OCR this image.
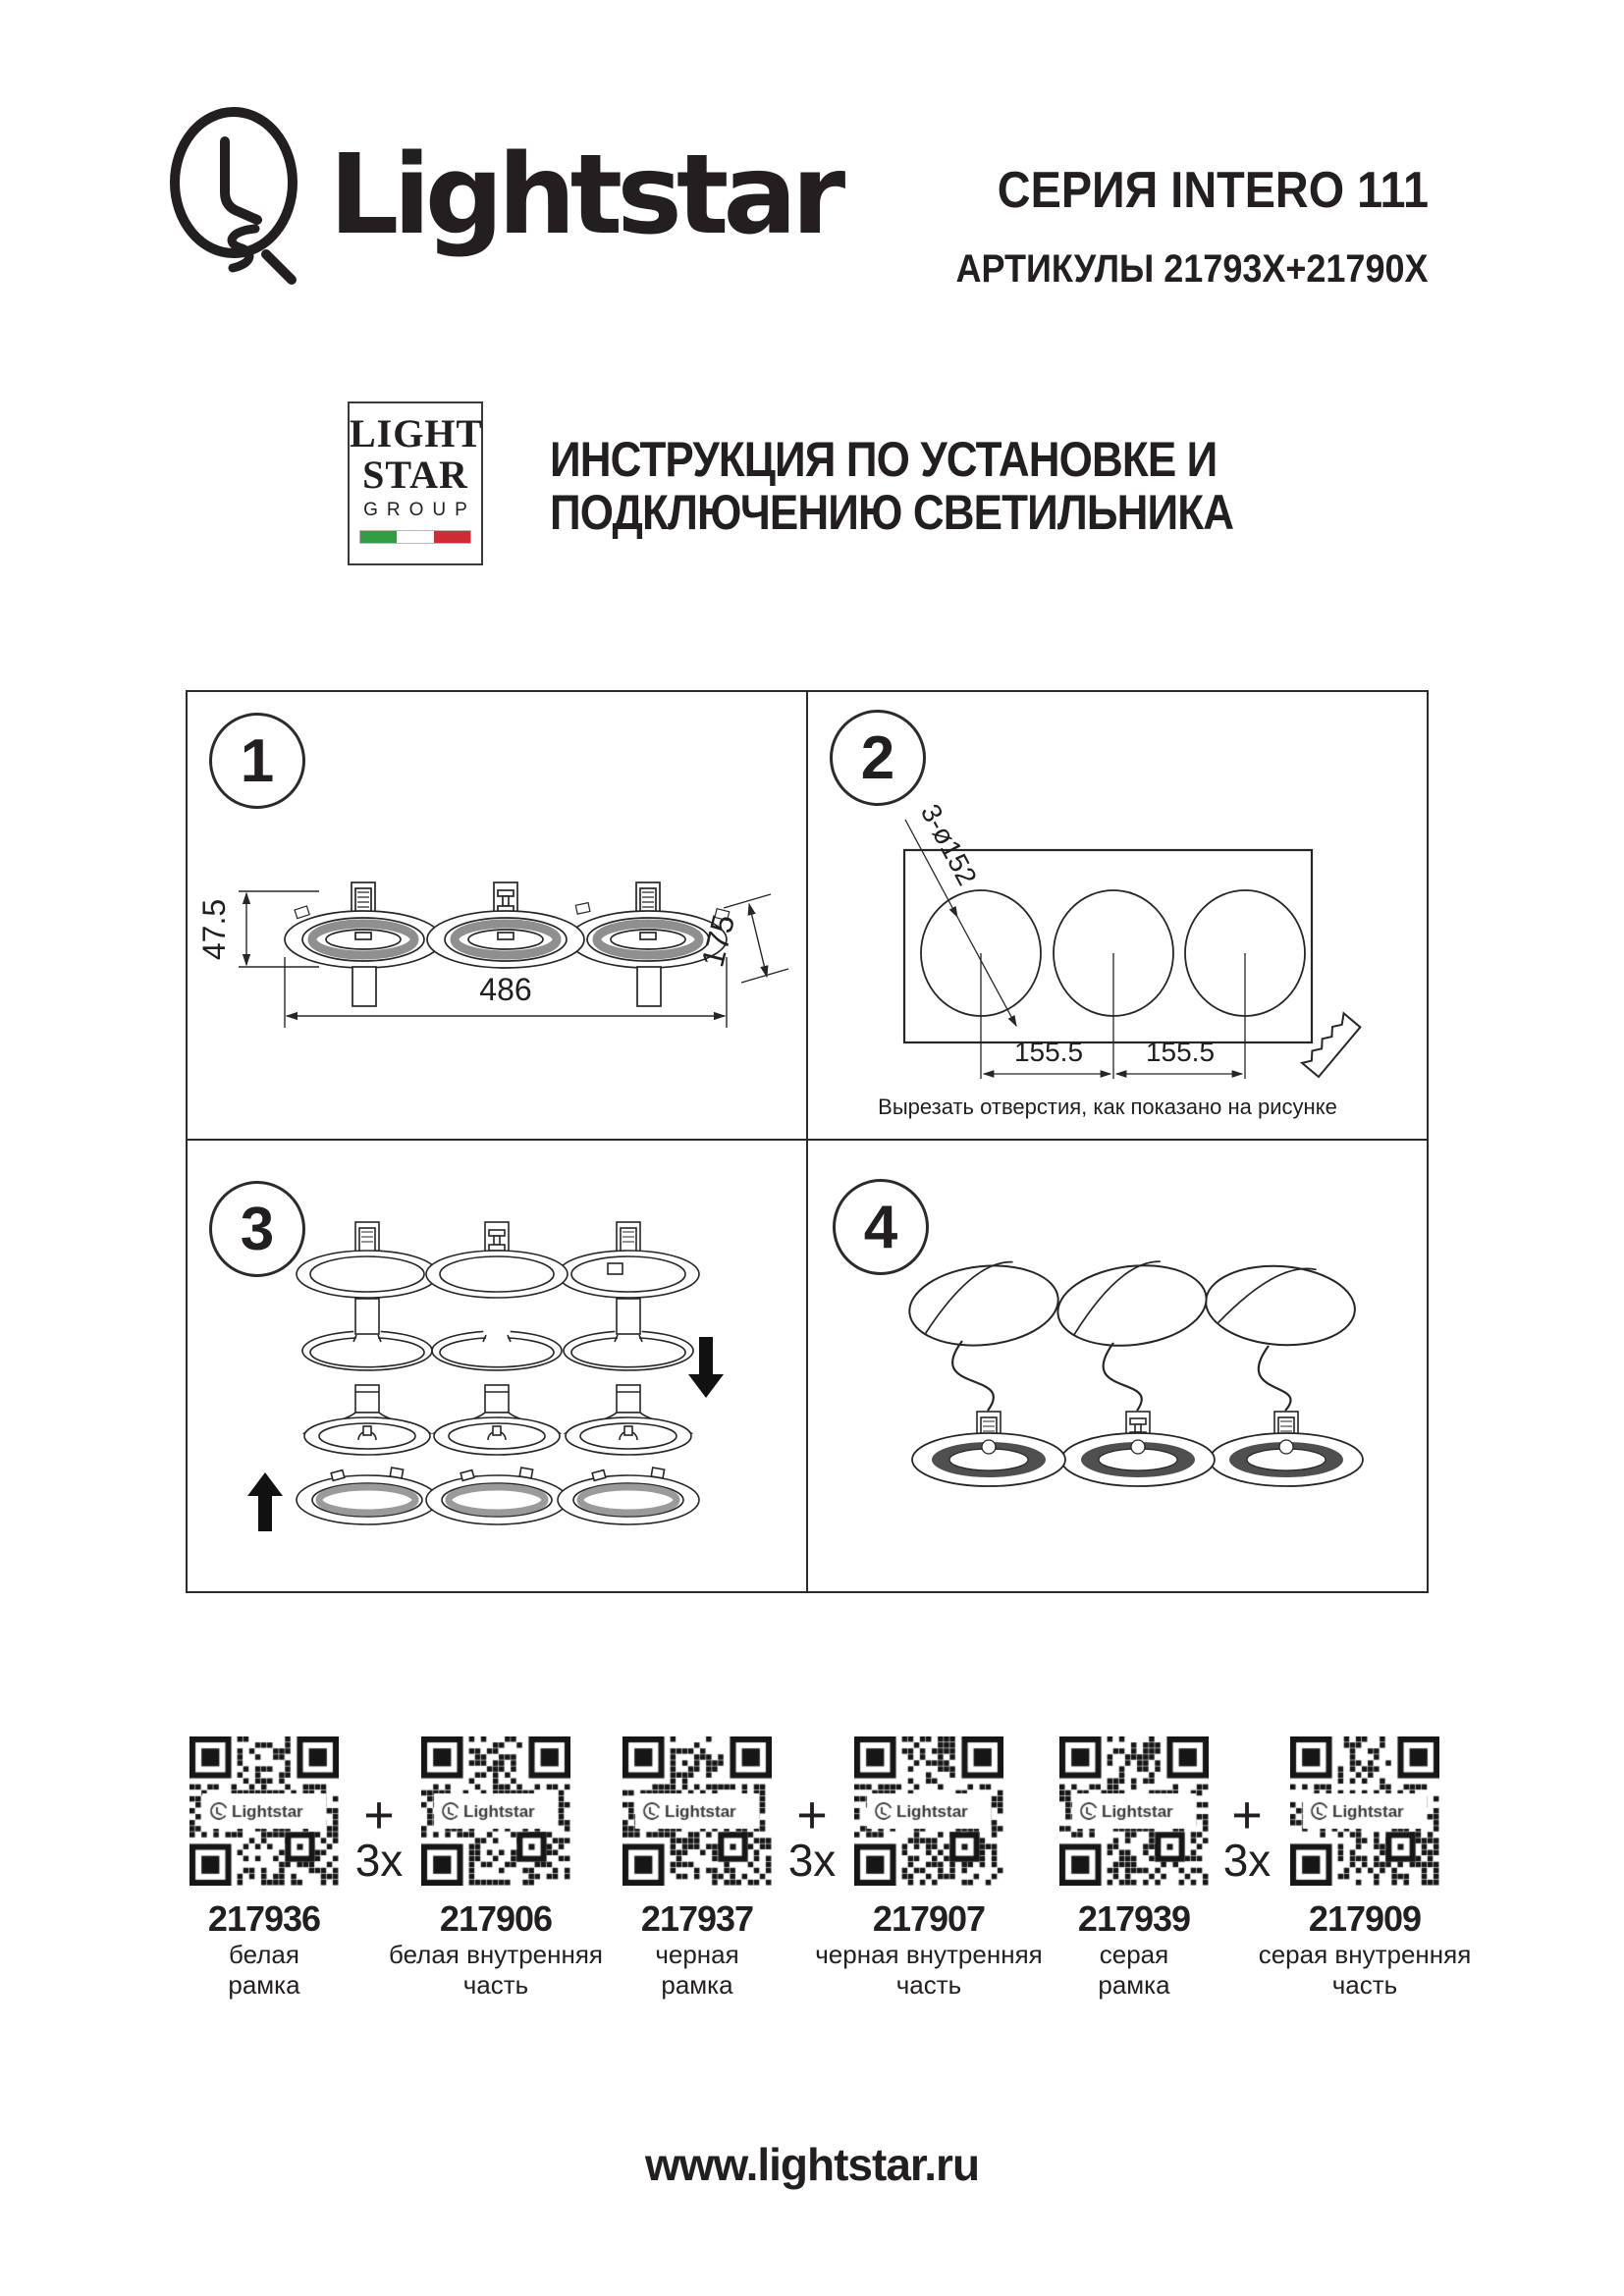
Lightstar	СЕРИЯ INTERO 111
АРТИКУЛЫ 21793X+21790X
LIGHT
STAR
GROUP
ИНСТРУКЦИЯ ПО УСТАНОВКЕ И
ПОДКЛЮЧЕНИЮ СВЕТИЛЬНИКА
1	2
3	4
47.5
486
175
155.5 155.5
3-ø152
Вырезать отверстия, как показано на рисунке
+
3x
+
3x
+
3x
217936	217906	217937	217907	217939	217909
белая
рамка
белая внутренняя
часть
черная
рамка
черная внутренняя
часть
серая
рамка
серая внутренняя
часть
www.lightstar.ru
